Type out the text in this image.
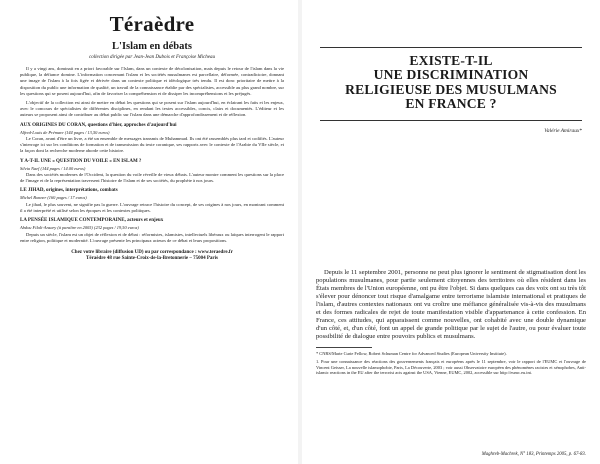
Téraèdre
L'Islam en débats
collection dirigée par Jean-Jean Dubois et Françoise Micheau

Il y a vingt ans, dominait en a priori favorable sur l'Islam, dans un contexte de décolonisation, mais depuis le retour de l'islam dans la vie publique, la défiance domine. L'information concernant l'islam et les sociétés musulmanes est parcellaire, déformée, contradictoire, donnant une image de l'islam à la fois figée et dérivée dans un contexte politique et idéologique très tendu. Il est donc prioritaire de mettre à la disposition du public une information de qualité, un travail de la connaissance établie par des spécialistes, accessible au plus grand nombre, sur les questions qui se posent aujourd'hui, afin de favoriser la compréhension et de dissiper les incompréhensions et les préjugés.

L'objectif de la collection est ainsi de mettre en débat les questions qui se posent sur l'islam aujourd'hui, en éclairant les faits et les enjeux, avec le concours de spécialistes de différentes disciplines, en rendant les textes accessibles, concis, clairs et documentés. L'éditeur et les auteurs se proposent ainsi de contribuer au débat public sur l'islam dans une démarche d'approfondissement et de réflexion.

AUX ORIGINES DU CORAN, questions d'hier, approches d'aujourd'hui
Alfred-Louis de Prémare (144 pages / 13,50 euros)

Le Coran, avant d'être un livre, a été un ensemble de messages transmis de Muhammad. Ils ont été rassemblés plus tard et codifiés. L'auteur s'interroge ici sur les conditions de formation et de transmission du texte coranique, ses rapports avec le contexte de l'Arabie du VIIe siècle, et la façon dont la recherche moderne aborde cette histoire.

Y A-T-IL UNE « QUESTION DU VOILE » EN ISLAM ?
Silvia Naef (144 pages / 14.00 euros)

Dans des sociétés modernes de l'Occident, la question du voile réveille de vieux débats. L'auteur montre comment les questions sur la place de l'image et de la représentation traversent l'histoire de l'islam et de ses sociétés, du prophète à nos jours.

LE JIHAD, origines, interprétations, combats
Michel Bonner (160 pages / 17 euros)

Le jihad, le plus souvent, ne signifie pas la guerre. L'ouvrage retrace l'histoire du concept, de ses origines à nos jours, en montrant comment il a été interprété et utilisé selon les époques et les contextes politiques.

LA PENSÉE ISLAMIQUE CONTEMPORAINE, acteurs et enjeux
Abdou Filali-Ansary (à paraître en 2005) (232 pages / 19,50 euros)

Depuis un siècle, l'islam est un objet de réflexion et de débat : réformistes, islamistes, intellectuels libéraux ou laïques interrogent le rapport entre religion, politique et modernité. L'ouvrage présente les principaux acteurs de ce débat et leurs propositions.

Chez votre libraire (diffusion UD) ou par correspondance : www.teraedre.fr
Téraèdre 48 rue Sainte-Croix-de-la-Bretonnerie – 75004 Paris
EXISTE-T-IL
UNE DISCRIMINATION
RELIGIEUSE DES MUSULMANS
EN FRANCE ?
Valérie Amiraux*

Depuis le 11 septembre 2001, personne ne peut plus ignorer le sentiment de stigmatisation dont les populations musulmanes, pour partie seulement citoyennes des territoires où elles résident dans les États membres de l'Union européenne, ont pu être l'objet. Si dans quelques cas des voix ont su très tôt s'élever pour dénoncer tout risque d'amalgame entre terrorisme islamiste international et pratiques de l'islam, d'autres contextes nationaux ont vu croître une méfiance généralisée vis-à-vis des musulmans et des formes radicales de rejet de toute manifestation visible d'appartenance à cette confession. En France, ces attitudes, qui apparaissent comme nouvelles, ont cohabité avec une double dynamique d'un côté, et, d'un côté, font un appel de grande politique par le sujet de l'autre, ou pour évaluer toute possibilité de dialogue entre pouvoirs publics et musulmans.

* CNRS/Marie Curie Fellow, Robert Schuman Centre for Advanced Studies (European University Institute).

1. Pour une connaissance des réactions des gouvernements français et européens après le 11 septembre, voir le rapport de l'EUMC et l'ouvrage de Vincent Geisser, La nouvelle islamophobie, Paris, La Découverte, 2003 ; voir aussi Observatoire européen des phénomènes racistes et xénophobes, Anti-islamic reactions in the EU after the terrorist acts against the USA, Vienne, EUMC, 2002, accessible sur http://eumc.eu.int.

Maghreb-Machrek, N° 183, Printemps 2005, p. 67-83.
